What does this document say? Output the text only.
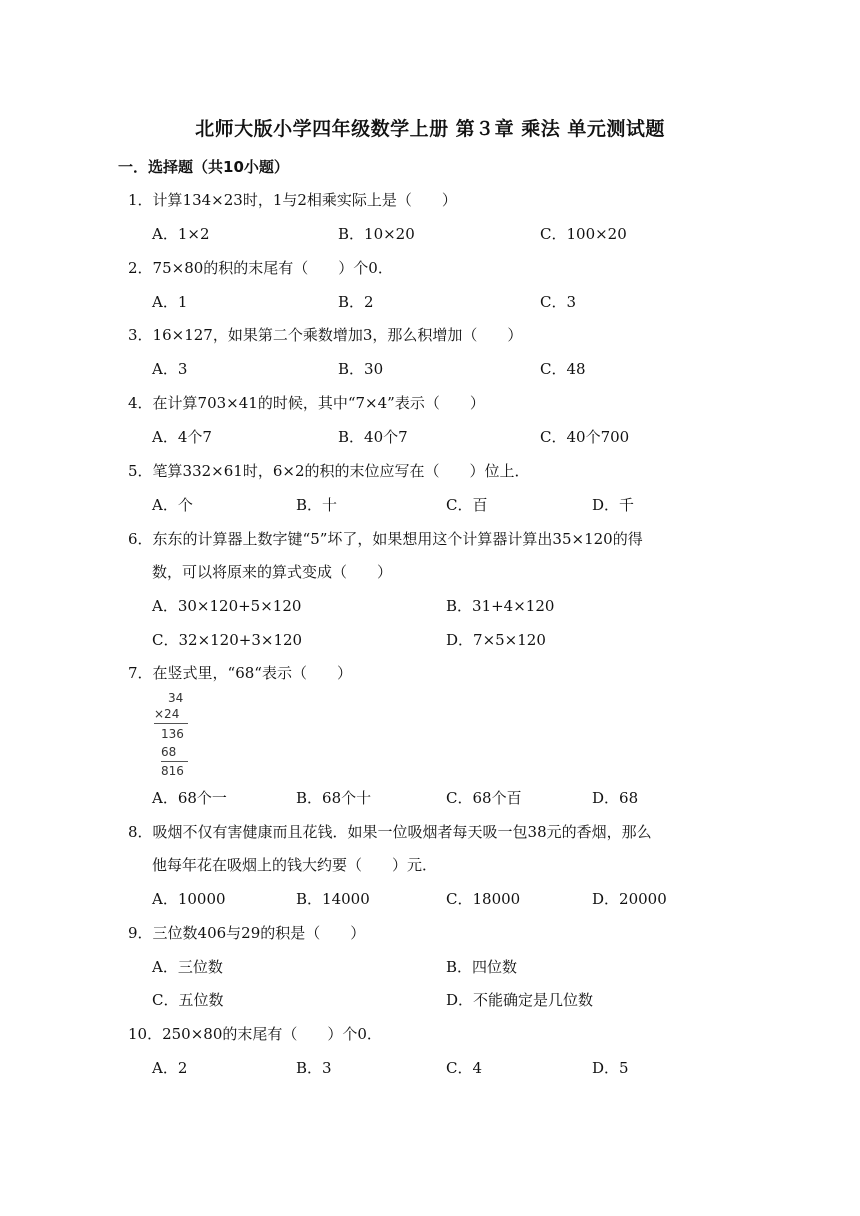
北师大版小学四年级数学上册 第３章 乘法 单元测试题
一．选择题（共10小题）
1．计算134×23时，1与2相乘实际上是（　　）
A．1×2	B．10×20	C．100×20
2．75×80的积的末尾有（　　）个0．
A．1	B．2	C．3
3．16×127，如果第二个乘数增加3，那么积增加（　　）
A．3	B．30	C．48
4．在计算703×41的时候，其中“7×4”表示（　　）
A．4个7	B．40个7	C．40个700
5．笔算332×61时，6×2的积的末位应写在（　　）位上．
A．个	B．十	C．百	D．千
6．东东的计算器上数字键“5”坏了，如果想用这个计算器计算出35×120的得
数，可以将原来的算式变成（　　）
A．30×120+5×120	B．31+4×120
C．32×120+3×120	D．7×5×120
7．在竖式里，“68“表示（　　）
34
×24
136
68
816
A．68个一	B．68个十	C．68个百	D．68
8．吸烟不仅有害健康而且花钱．如果一位吸烟者每天吸一包38元的香烟，那么
他每年花在吸烟上的钱大约要（　　）元．
A．10000	B．14000	C．18000	D．20000
9．三位数406与29的积是（　　）
A．三位数	B．四位数
C．五位数	D．不能确定是几位数
10．250×80的末尾有（　　）个0．
A．2	B．3	C．4	D．5
